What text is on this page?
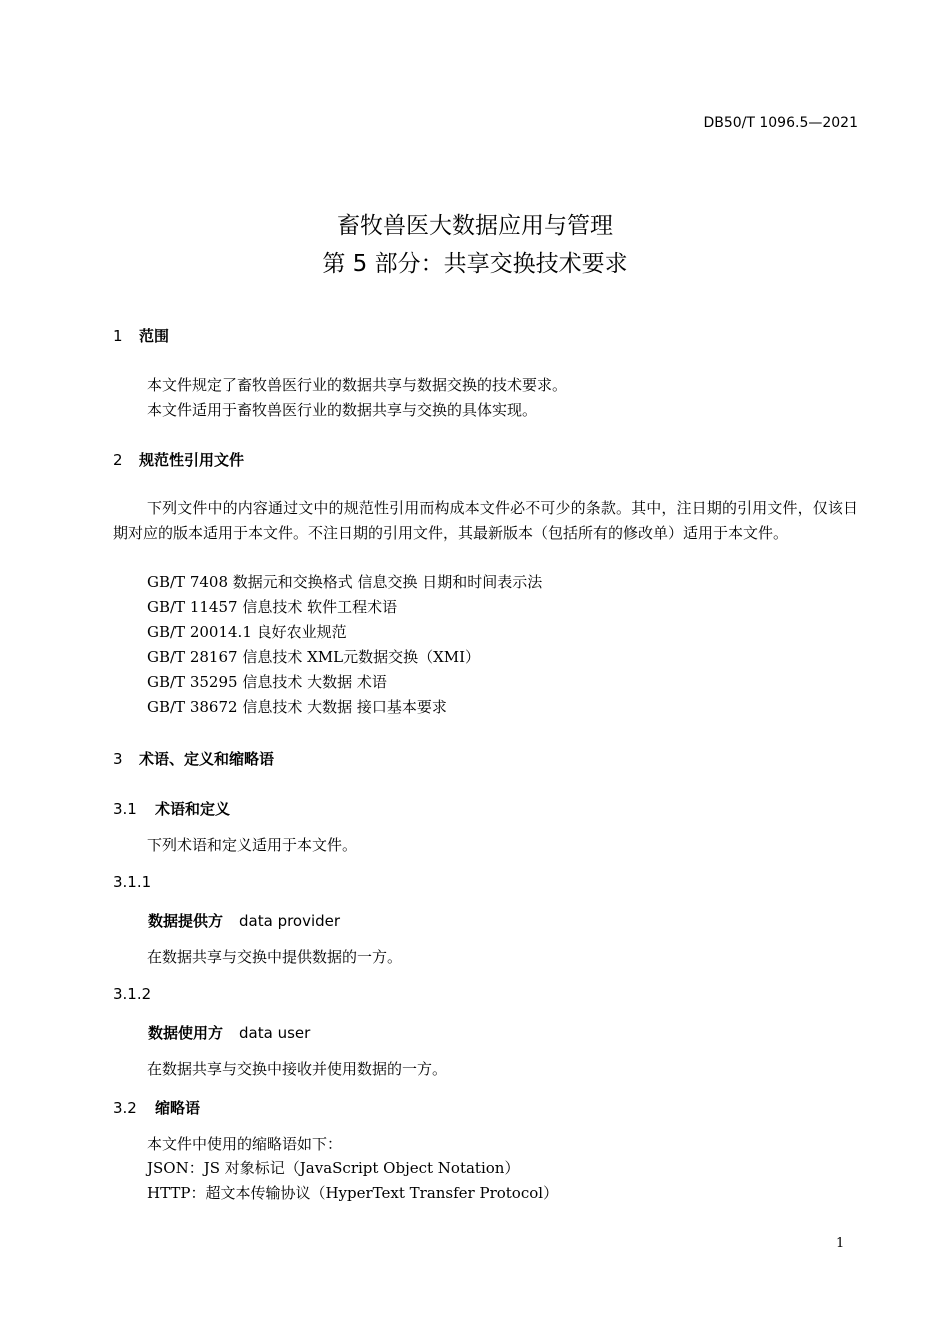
DB50/T 1096.5—2021
畜牧兽医大数据应用与管理
第 5 部分：共享交换技术要求
1 范围
本文件规定了畜牧兽医行业的数据共享与数据交换的技术要求。
本文件适用于畜牧兽医行业的数据共享与交换的具体实现。
2 规范性引用文件
下列文件中的内容通过文中的规范性引用而构成本文件必不可少的条款。其中，注日期的引用文件，仅该日期对应的版本适用于本文件。不注日期的引用文件，其最新版本（包括所有的修改单）适用于本文件。
GB/T 7408 数据元和交换格式 信息交换 日期和时间表示法
GB/T 11457 信息技术 软件工程术语
GB/T 20014.1 良好农业规范
GB/T 28167 信息技术 XML元数据交换（XMI）
GB/T 35295 信息技术 大数据 术语
GB/T 38672 信息技术 大数据 接口基本要求
3 术语、定义和缩略语
3.1 术语和定义
下列术语和定义适用于本文件。
3.1.1
数据提供方 data provider
在数据共享与交换中提供数据的一方。
3.1.2
数据使用方 data user
在数据共享与交换中接收并使用数据的一方。
3.2 缩略语
本文件中使用的缩略语如下：
JSON：JS 对象标记（JavaScript Object Notation）
HTTP：超文本传输协议（HyperText Transfer Protocol）
1
